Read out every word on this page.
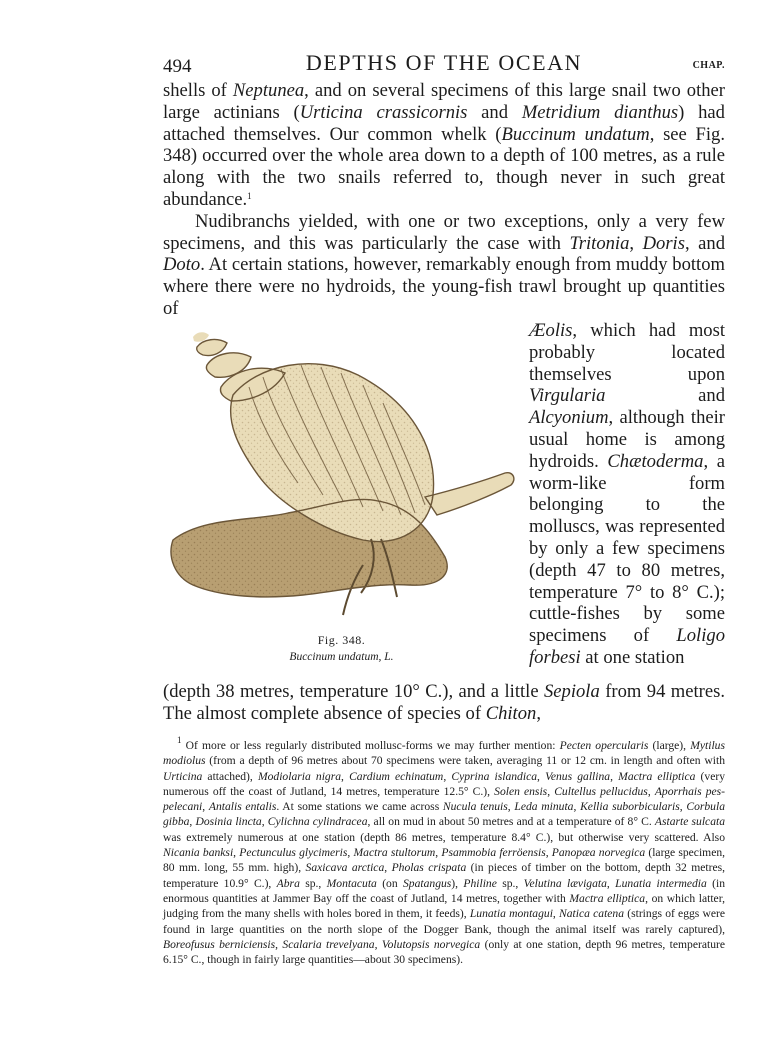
494	DEPTHS OF THE OCEAN	CHAP.

shells of Neptunea, and on several specimens of this large snail two other large actinians (Urticina crassicornis and Metridium dianthus) had attached themselves. Our common whelk (Buccinum undatum, see Fig. 348) occurred over the whole area down to a depth of 100 metres, as a rule along with the two snails referred to, though never in such great abundance.$^1$

Nudibranchs yielded, with one or two exceptions, only a very few specimens, and this was particularly the case with Tritonia, Doris, and Doto. At certain stations, however, remarkably enough from muddy bottom where there were no hydroids, the young-fish trawl brought up quantities of

Fig. 348.
Buccinum undatum, L.

Æolis, which had most probably located themselves upon Virgularia and Alcyonium, although their usual home is among hydroids. Chætoderma, a worm-like form belonging to the molluscs, was represented by only a few specimens (depth 47 to 80 metres, temperature 7° to 8° C.); cuttle-fishes by some specimens of Loligo forbesi at one station

(depth 38 metres, temperature 10° C.), and a little Sepiola from 94 metres. The almost complete absence of species of Chiton,

$^1$ Of more or less regularly distributed mollusc-forms we may further mention: Pecten opercularis (large), Mytilus modiolus (from a depth of 96 metres about 70 specimens were taken, averaging 11 or 12 cm. in length and often with Urticina attached), Modiolaria nigra, Cardium echinatum, Cyprina islandica, Venus gallina, Mactra elliptica (very numerous off the coast of Jutland, 14 metres, temperature 12.5° C.), Solen ensis, Cultellus pellucidus, Aporrhais pes-pelecani, Antalis entalis. At some stations we came across Nucula tenuis, Leda minuta, Kellia suborbicularis, Corbula gibba, Dosinia lincta, Cylichna cylindracea, all on mud in about 50 metres and at a temperature of 8° C. Astarte sulcata was extremely numerous at one station (depth 86 metres, temperature 8.4° C.), but otherwise very scattered. Also Nicania banksi, Pectunculus glycimeris, Mactra stultorum, Psammobia ferröensis, Panopæa norvegica (large specimen, 80 mm. long, 55 mm. high), Saxicava arctica, Pholas crispata (in pieces of timber on the bottom, depth 32 metres, temperature 10.9° C.), Abra sp., Montacuta (on Spatangus), Philine sp., Velutina lævigata, Lunatia intermedia (in enormous quantities at Jammer Bay off the coast of Jutland, 14 metres, together with Mactra elliptica, on which latter, judging from the many shells with holes bored in them, it feeds), Lunatia montagui, Natica catena (strings of eggs were found in large quantities on the north slope of the Dogger Bank, though the animal itself was rarely captured), Boreofusus berniciensis, Scalaria trevelyana, Volutopsis norvegica (only at one station, depth 96 metres, temperature 6.15° C., though in fairly large quantities—about 30 specimens).
